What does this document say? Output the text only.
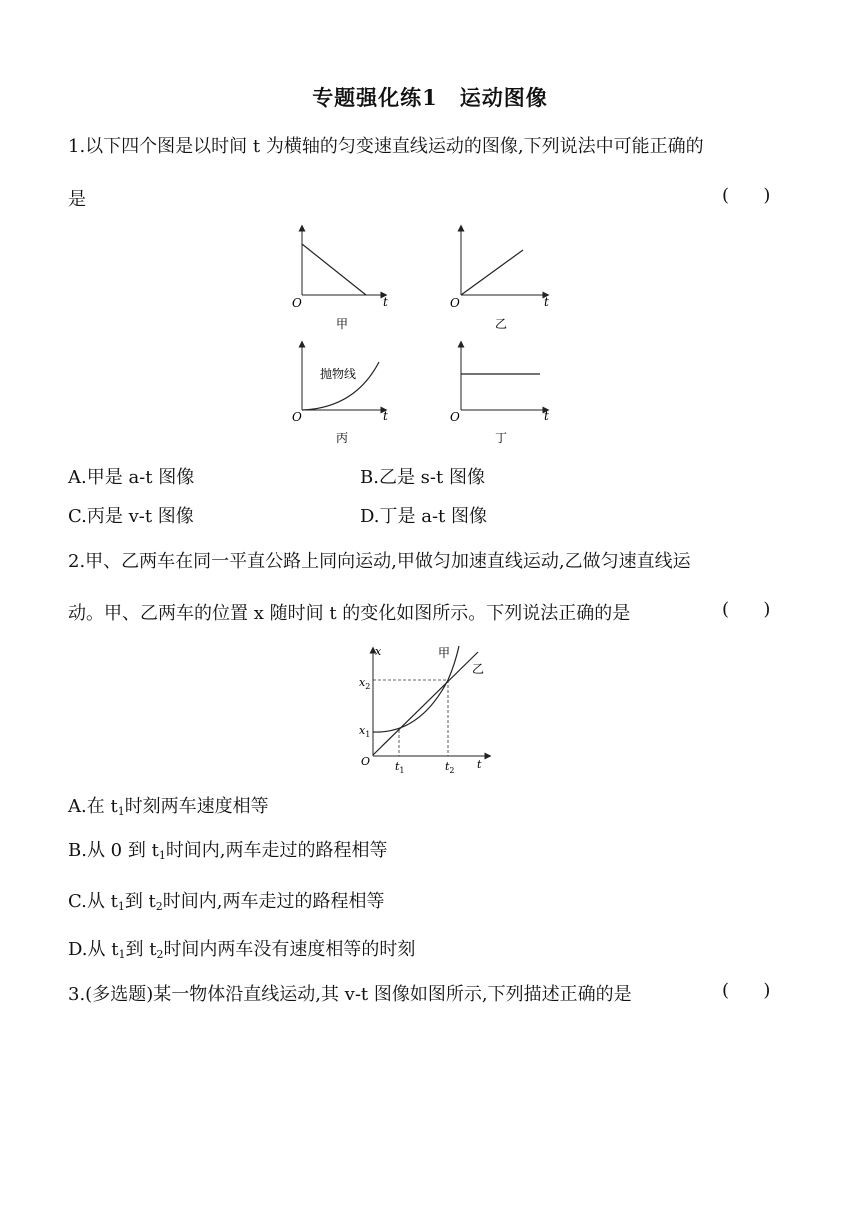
专题强化练1　运动图像
1.以下四个图是以时间 t 为横轴的匀变速直线运动的图像,下列说法中可能正确的
是	(      )
O	t
甲
O	t
乙
抛物线
O	t
丙
O	t
丁
A.甲是 a-t 图像	B.乙是 s-t 图像
C.丙是 v-t 图像	D.丁是 a-t 图像
2.甲、乙两车在同一平直公路上同向运动,甲做匀加速直线运动,乙做匀速直线运
动。甲、乙两车的位置 x 随时间 t 的变化如图所示。下列说法正确的是	(      )
x
t
O
甲
乙
$x_2$
$x_1$
$t_1$	$t_2$
A.在 $t_1$时刻两车速度相等
B.从 0 到 $t_1$时间内,两车走过的路程相等
C.从 $t_1$到 $t_2$时间内,两车走过的路程相等
D.从 $t_1$到 $t_2$时间内两车没有速度相等的时刻
3.(多选题)某一物体沿直线运动,其 v-t 图像如图所示,下列描述正确的是	(      )
